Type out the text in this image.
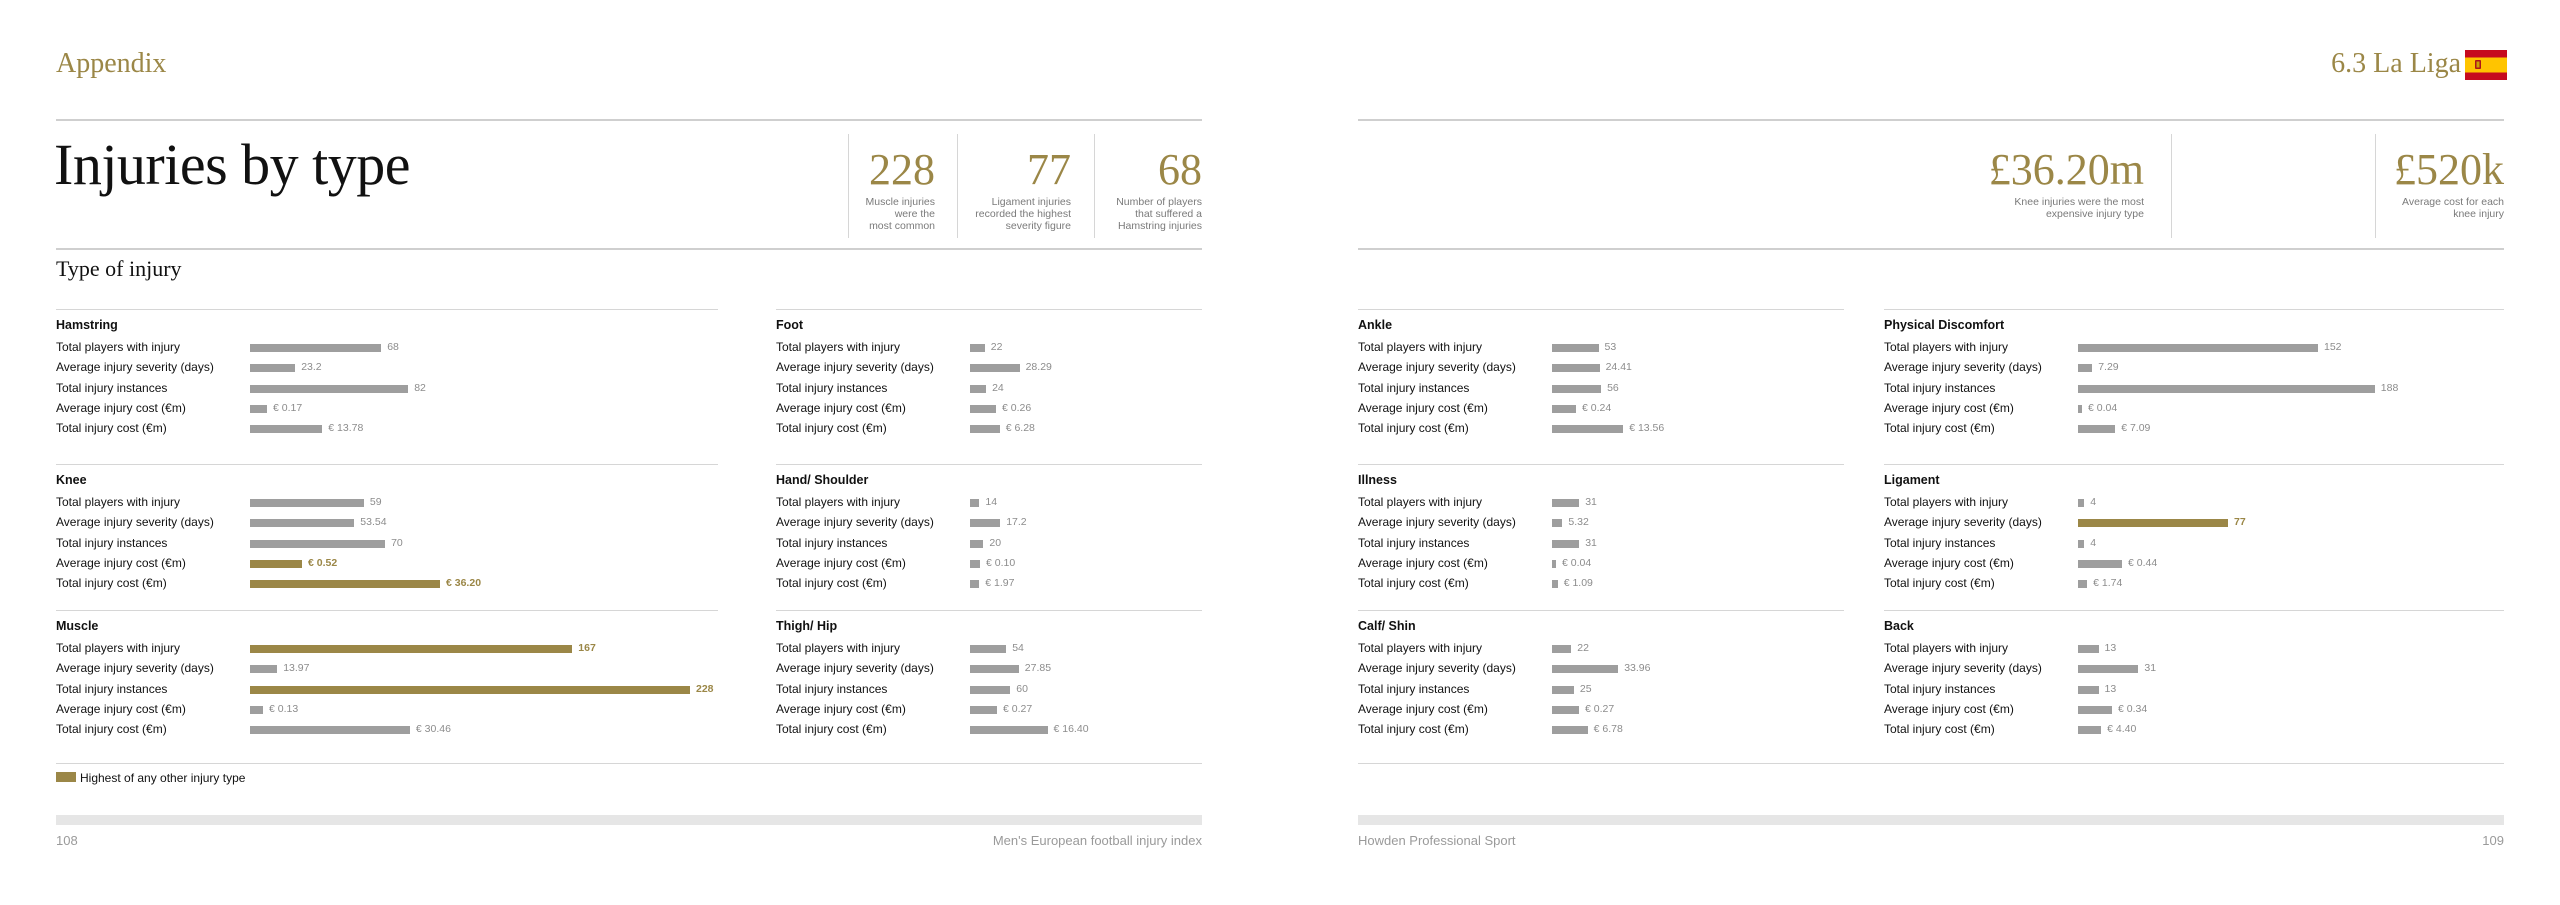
Appendix
Injuries by type	228
Muscle injuries
were the
most common
77
Ligament injuries
recorded the highest
severity figure
68
Number of players
that suffered a
Hamstring injuries
Type of injury
6.3 La Liga
£36.20m
Knee injuries were the most
expensive injury type
£520k
Average cost for each
knee injury
Hamstring
Total players with injury	68
Average injury severity (days)	23.2
Total injury instances	82
Average injury cost (€m)	€ 0.17
Total injury cost (€m)	€ 13.78
Knee
Total players with injury	59
Average injury severity (days)	53.54
Total injury instances	70
Average injury cost (€m)	€ 0.52
Total injury cost (€m)	€ 36.20
Muscle
Total players with injury	167
Average injury severity (days)	13.97
Total injury instances	228
Average injury cost (€m)	€ 0.13
Total injury cost (€m)	€ 30.46
Foot
Total players with injury	22
Average injury severity (days)	28.29
Total injury instances	24
Average injury cost (€m)	€ 0.26
Total injury cost (€m)	€ 6.28
Hand/ Shoulder
Total players with injury	14
Average injury severity (days)	17.2
Total injury instances	20
Average injury cost (€m)	€ 0.10
Total injury cost (€m)	€ 1.97
Thigh/ Hip
Total players with injury	54
Average injury severity (days)	27.85
Total injury instances	60
Average injury cost (€m)	€ 0.27
Total injury cost (€m)	€ 16.40
Ankle
Total players with injury	53
Average injury severity (days)	24.41
Total injury instances	56
Average injury cost (€m)	€ 0.24
Total injury cost (€m)	€ 13.56
Illness
Total players with injury	31
Average injury severity (days)	5.32
Total injury instances	31
Average injury cost (€m)	€ 0.04
Total injury cost (€m)	€ 1.09
Calf/ Shin
Total players with injury	22
Average injury severity (days)	33.96
Total injury instances	25
Average injury cost (€m)	€ 0.27
Total injury cost (€m)	€ 6.78
Physical Discomfort
Total players with injury	152
Average injury severity (days)	7.29
Total injury instances	188
Average injury cost (€m)	€ 0.04
Total injury cost (€m)	€ 7.09
Ligament
Total players with injury	4
Average injury severity (days)	77
Total injury instances	4
Average injury cost (€m)	€ 0.44
Total injury cost (€m)	€ 1.74
Back
Total players with injury	13
Average injury severity (days)	31
Total injury instances	13
Average injury cost (€m)	€ 0.34
Total injury cost (€m)	€ 4.40
Highest of any other injury type
108	Men's European football injury index	Howden Professional Sport	109
